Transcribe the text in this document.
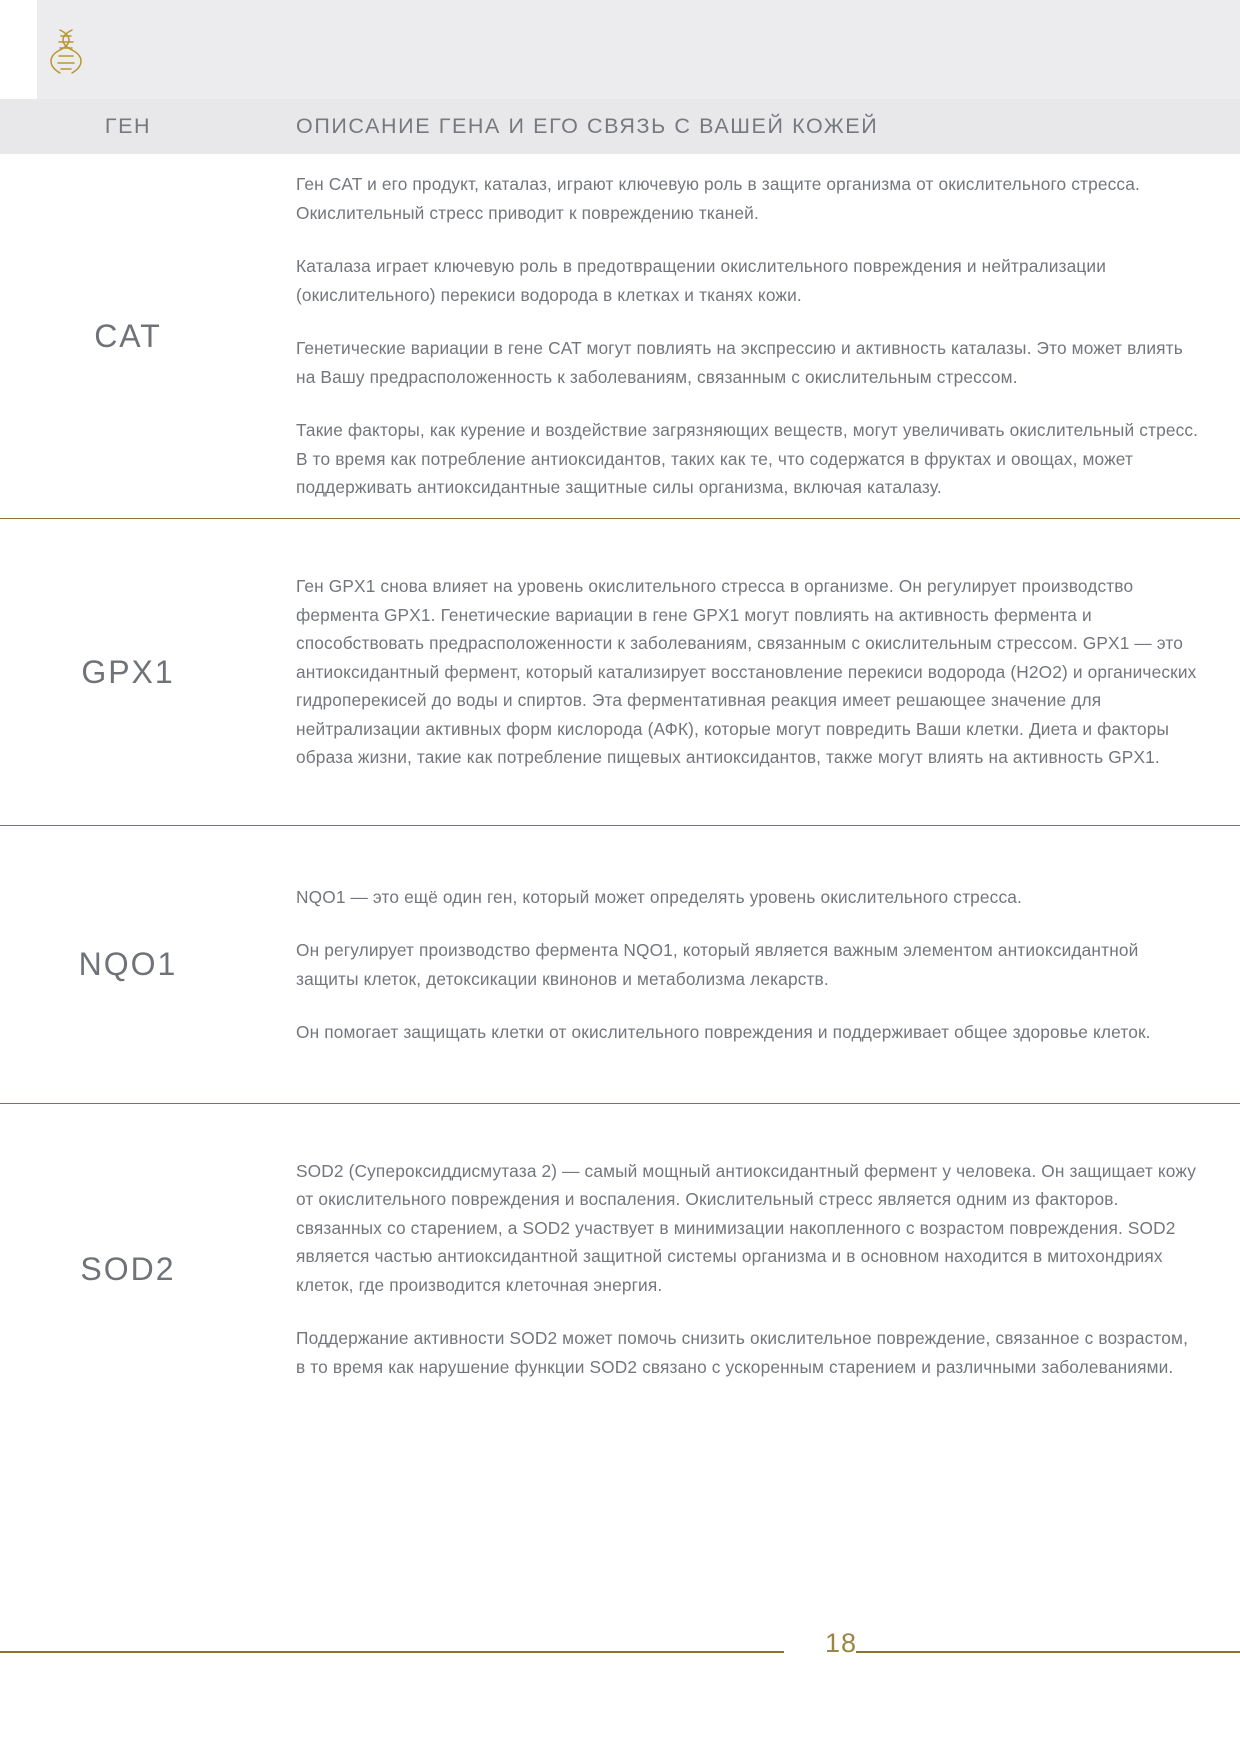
ГЕН	ОПИСАНИЕ ГЕНА И ЕГО СВЯЗЬ С ВАШЕЙ КОЖЕЙ
CAT

Ген CAT и его продукт, каталаз, играют ключевую роль в защите организма от окислительного стресса. Окислительный стресс приводит к повреждению тканей.

Каталаза играет ключевую роль в предотвращении окислительного повреждения и нейтрализации (окислительного) перекиси водорода в клетках и тканях кожи.

Генетические вариации в гене CAT могут повлиять на экспрессию и активность каталазы. Это может влиять на Вашу предрасположенность к заболеваниям, связанным с окислительным стрессом.

Такие факторы, как курение и воздействие загрязняющих веществ, могут увеличивать окислительный стресс. В то время как потребление антиоксидантов, таких как те, что содержатся в фруктах и овощах, может поддерживать антиоксидантные защитные силы организма, включая каталазу.

GPX1

Ген GPX1 снова влияет на уровень окислительного стресса в организме. Он регулирует производство фермента GPX1. Генетические вариации в гене GPX1 могут повлиять на активность фермента и способствовать предрасположенности к заболеваниям, связанным с окислительным стрессом. GPX1 — это антиоксидантный фермент, который катализирует восстановление перекиси водорода (H2O2) и органических гидроперекисей до воды и спиртов. Эта ферментативная реакция имеет решающее значение для нейтрализации активных форм кислорода (АФК), которые могут повредить Ваши клетки. Диета и факторы образа жизни, такие как потребление пищевых антиоксидантов, также могут влиять на активность GPX1.

NQO1

NQO1 — это ещё один ген, который может определять уровень окислительного стресса.

Он регулирует производство фермента NQO1, который является важным элементом антиоксидантной защиты клеток, детоксикации квинонов и метаболизма лекарств.

Он помогает защищать клетки от окислительного повреждения и поддерживает общее здоровье клеток.

SOD2

SOD2 (Супероксиддисмутаза 2) — самый мощный антиоксидантный фермент у человека. Он защищает кожу от окислительного повреждения и воспаления. Окислительный стресс является одним из факторов. связанных со старением, а SOD2 участвует в минимизации накопленного с возрастом повреждения. SOD2 является частью антиоксидантной защитной системы организма и в основном находится в митохондриях клеток, где производится клеточная энергия.

Поддержание активности SOD2 может помочь снизить окислительное повреждение, связанное с возрастом, в то время как нарушение функции SOD2 связано с ускоренным старением и различными заболеваниями.

18
